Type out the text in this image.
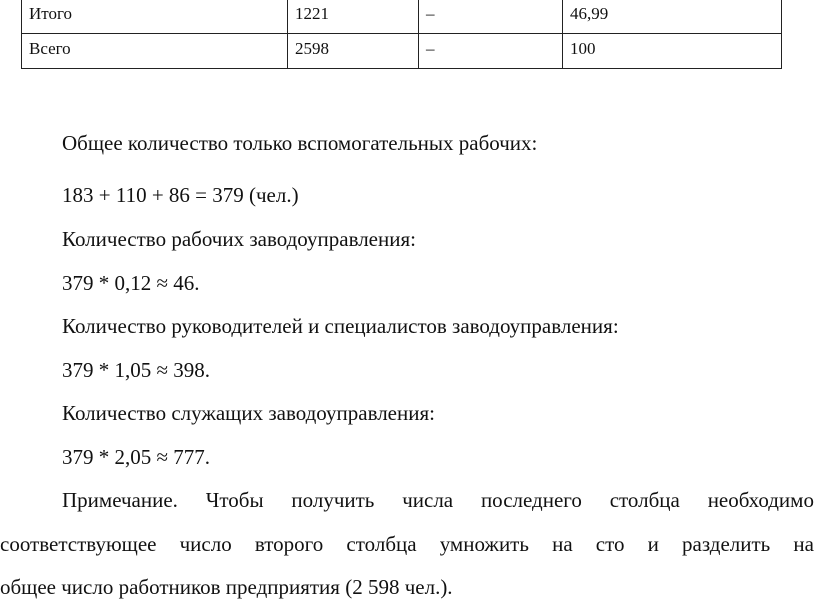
Итого	1221	–	46,99
Всего	2598	–	100
Общее количество только вспомогательных рабочих:
183 + 110 + 86 = 379 (чел.)
Количество рабочих заводоуправления:
379 * 0,12 ≈ 46.
Количество руководителей и специалистов заводоуправления:
379 * 1,05 ≈ 398.
Количество служащих заводоуправления:
379 * 2,05 ≈ 777.
Примечание. Чтобы получить числа последнего столбца необходимо
соответствующее число второго столбца умножить на сто и разделить на
общее число работников предприятия (2 598 чел.).
